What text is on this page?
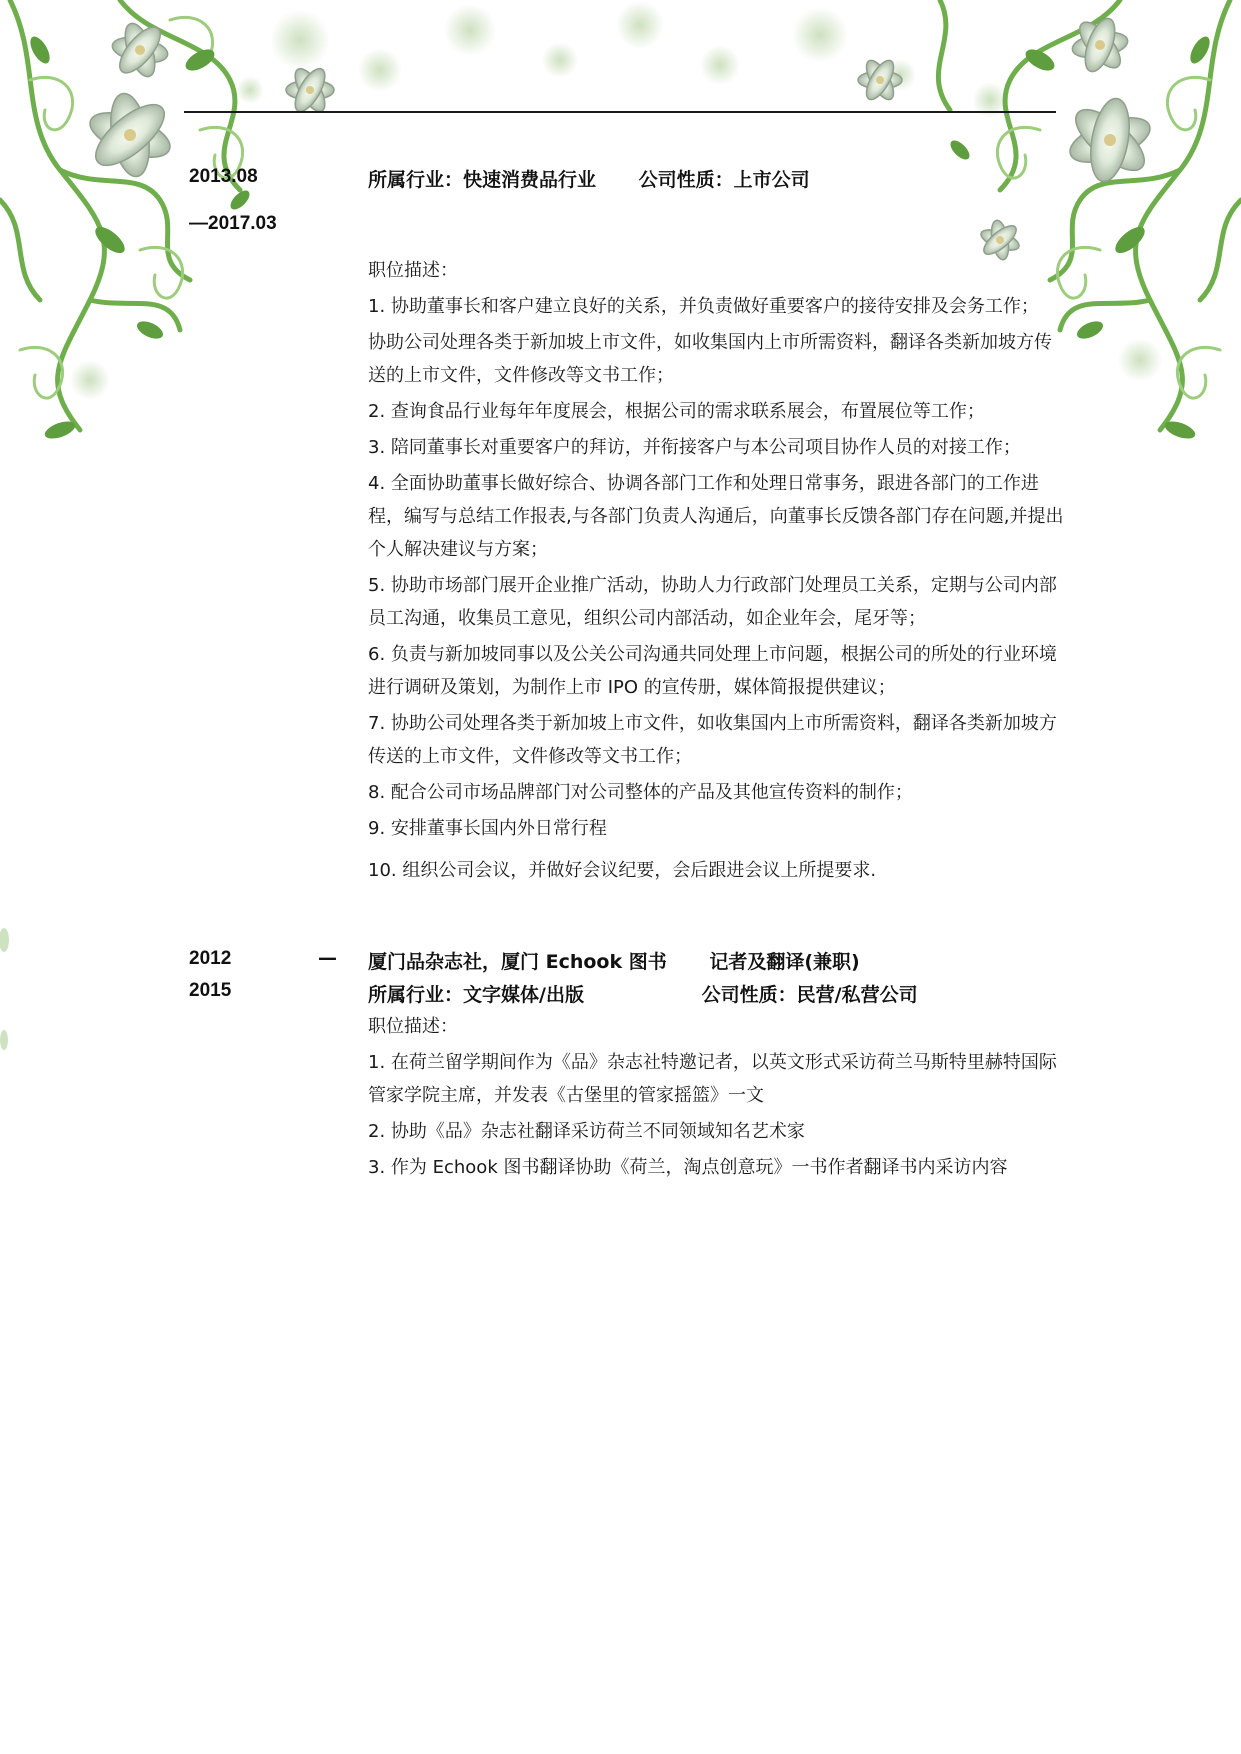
2013.08
—2017.03
所属行业：快速消费品行业 公司性质：上市公司

职位描述：

1. 协助董事长和客户建立良好的关系，并负责做好重要客户的接待安排及会务工作；

协助公司处理各类于新加坡上市文件，如收集国内上市所需资料，翻译各类新加坡方传送的上市文件，文件修改等文书工作；

2. 查询食品行业每年年度展会，根据公司的需求联系展会，布置展位等工作；

3. 陪同董事长对重要客户的拜访，并衔接客户与本公司项目协作人员的对接工作；

4. 全面协助董事长做好综合、协调各部门工作和处理日常事务，跟进各部门的工作进程，编写与总结工作报表,与各部门负责人沟通后，向董事长反馈各部门存在问题,并提出个人解决建议与方案；

5. 协助市场部门展开企业推广活动，协助人力行政部门处理员工关系，定期与公司内部员工沟通，收集员工意见，组织公司内部活动，如企业年会，尾牙等；

6. 负责与新加坡同事以及公关公司沟通共同处理上市问题，根据公司的所处的行业环境进行调研及策划，为制作上市 IPO 的宣传册，媒体简报提供建议；

7. 协助公司处理各类于新加坡上市文件，如收集国内上市所需资料，翻译各类新加坡方传送的上市文件，文件修改等文书工作；

8. 配合公司市场品牌部门对公司整体的产品及其他宣传资料的制作；

9. 安排董事长国内外日常行程

10. 组织公司会议，并做好会议纪要，会后跟进会议上所提要求.

2012
2015
— 厦门品杂志社，厦门 Echook 图书 记者及翻译(兼职)
所属行业：文字媒体/出版	公司性质：民营/私营公司

职位描述：

1. 在荷兰留学期间作为《品》杂志社特邀记者，以英文形式采访荷兰马斯特里赫特国际管家学院主席，并发表《古堡里的管家摇篮》一文

2. 协助《品》杂志社翻译采访荷兰不同领域知名艺术家

3. 作为 Echook 图书翻译协助《荷兰，淘点创意玩》一书作者翻译书内采访内容
